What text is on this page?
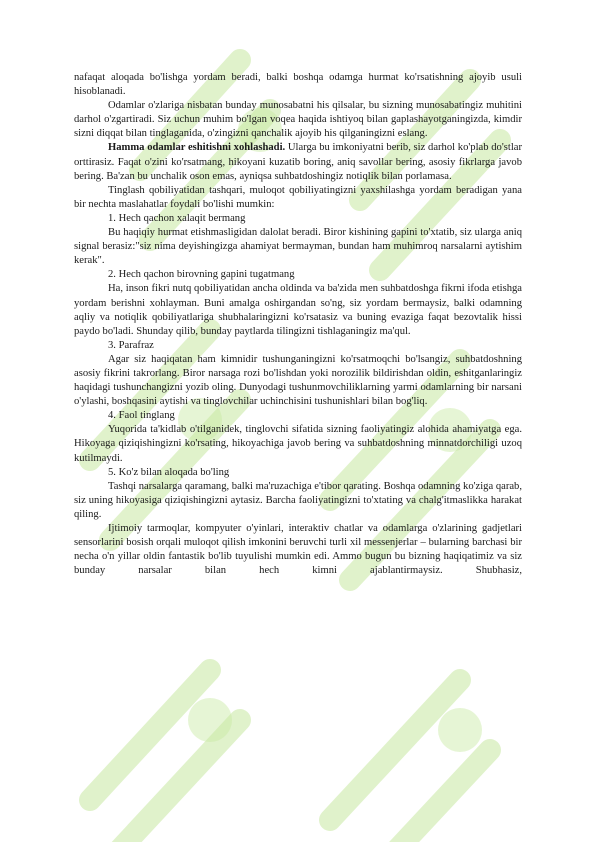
nafaqat aloqada bo'lishga yordam beradi, balki boshqa odamga hurmat ko'rsatishning ajoyib usuli hisoblanadi.

Odamlar o'zlariga nisbatan bunday munosabatni his qilsalar, bu sizning munosabatingiz muhitini darhol o'zgartiradi. Siz uchun muhim bo'lgan voqea haqida ishtiyoq bilan gaplashayotganingizda, kimdir sizni diqqat bilan tinglaganida, o'zingizni qanchalik ajoyib his qilganingizni eslang.

Hamma odamlar eshitishni xohlashadi. Ularga bu imkoniyatni berib, siz darhol ko'plab do'stlar orttirasiz. Faqat o'zini ko'rsatmang, hikoyani kuzatib boring, aniq savollar bering, asosiy fikrlarga javob bering. Ba'zan bu unchalik oson emas, ayniqsa suhbatdoshingiz notiqlik bilan porlamasa.

Tinglash qobiliyatidan tashqari, muloqot qobiliyatingizni yaxshilashga yordam beradigan yana bir nechta maslahatlar foydali bo'lishi mumkin:

1. Hech qachon xalaqit bermang

Bu haqiqiy hurmat etishmasligidan dalolat beradi. Biror kishining gapini to'xtatib, siz ularga aniq signal berasiz:"siz nima deyishingizga ahamiyat bermayman, bundan ham muhimroq narsalarni aytishim kerak".

2. Hech qachon birovning gapini tugatmang

Ha, inson fikri nutq qobiliyatidan ancha oldinda va ba'zida men suhbatdoshga fikrni ifoda etishga yordam berishni xohlayman. Buni amalga oshirgandan so'ng, siz yordam bermaysiz, balki odamning aqliy va notiqlik qobiliyatlariga shubhalaringizni ko'rsatasiz va buning evaziga faqat bezovtalik hissi paydo bo'ladi. Shunday qilib, bunday paytlarda tilingizni tishlaganingiz ma'qul.

3. Parafraz

Agar siz haqiqatan ham kimnidir tushunganingizni ko'rsatmoqchi bo'lsangiz, suhbatdoshning asosiy fikrini takrorlang. Biror narsaga rozi bo'lishdan yoki norozilik bildirishdan oldin, eshitganlaringiz haqidagi tushunchangizni yozib oling. Dunyodagi tushunmovchiliklarning yarmi odamlarning bir narsani o'ylashi, boshqasini aytishi va tinglovchilar uchinchisini tushunishlari bilan bog'liq.

4. Faol tinglang

Yuqorida ta'kidlab o'tilganidek, tinglovchi sifatida sizning faoliyatingiz alohida ahamiyatga ega. Hikoyaga qiziqishingizni ko'rsating, hikoyachiga javob bering va suhbatdoshning minnatdorchiligi uzoq kutilmaydi.

5. Ko'z bilan aloqada bo'ling

Tashqi narsalarga qaramang, balki ma'ruzachiga e'tibor qarating. Boshqa odamning ko'ziga qarab, siz uning hikoyasiga qiziqishingizni aytasiz. Barcha faoliyatingizni to'xtating va chalg'itmaslikka harakat qiling.

Ijtimoiy tarmoqlar, kompyuter o'yinlari, interaktiv chatlar va odamlarga o'zlarining gadjetlari sensorlarini bosish orqali muloqot qilish imkonini beruvchi turli xil messenjerlar – bularning barchasi bir necha o'n yillar oldin fantastik bo'lib tuyulishi mumkin edi. Ammo bugun bu bizning haqiqatimiz va siz bunday narsalar bilan hech kimni ajablantirmaysiz. Shubhasiz,
